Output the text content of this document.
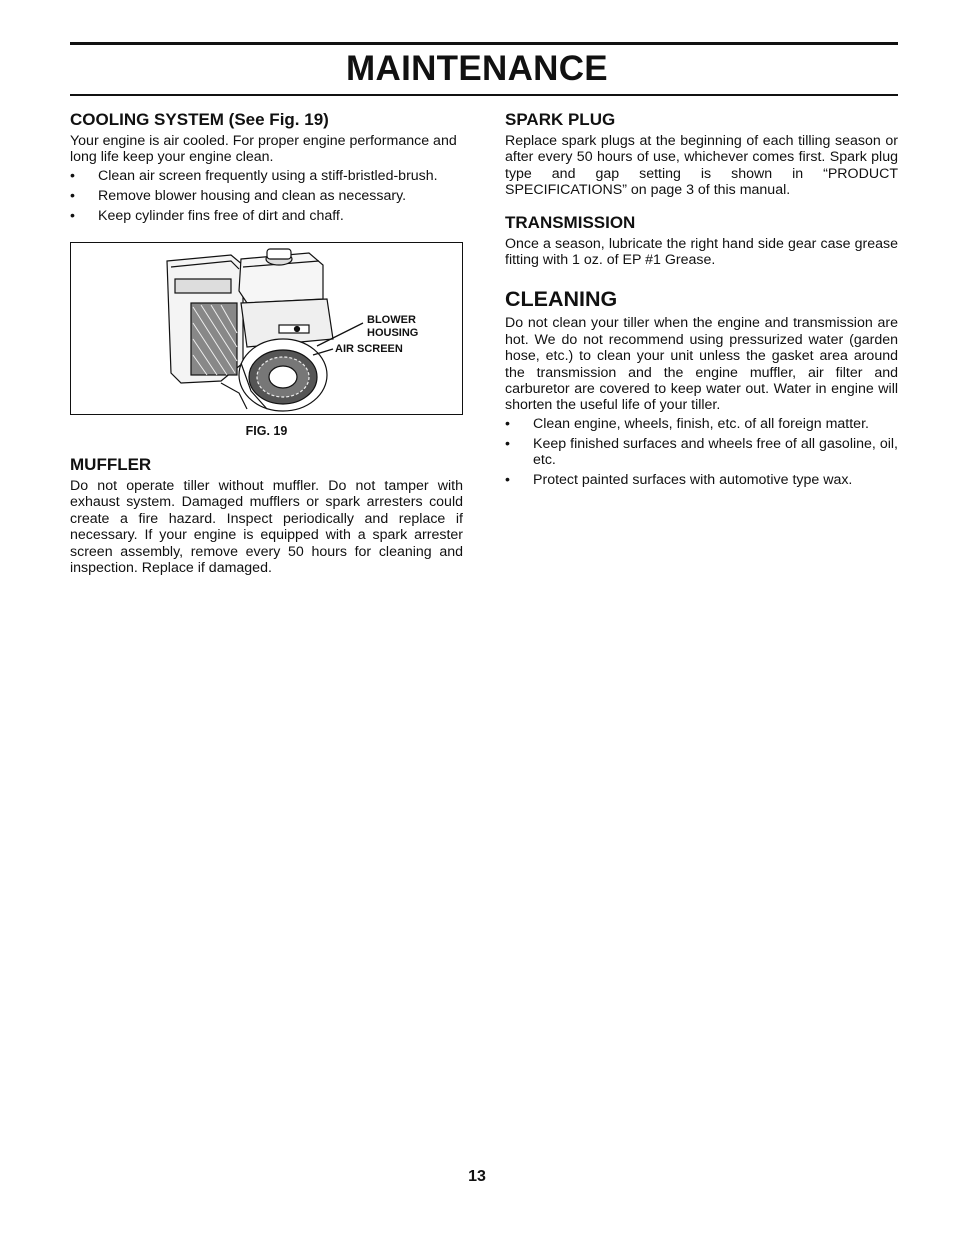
MAINTENANCE
COOLING SYSTEM (See Fig. 19)

Your engine is air cooled. For proper engine performance and long life keep your engine clean.

• Clean air screen frequently using a stiff-bristled-brush.
• Remove blower housing and clean as necessary.
• Keep cylinder fins free of dirt and chaff.
BLOWER
HOUSING
AIR SCREEN
FIG. 19
MUFFLER

Do not operate tiller without muffler. Do not tamper with exhaust system. Damaged mufflers or spark arresters could create a fire hazard. Inspect periodically and replace if necessary. If your engine is equipped with a spark arrester screen assembly, remove every 50 hours for cleaning and inspection. Replace if damaged.

SPARK PLUG

Replace spark plugs at the beginning of each tilling season or after every 50 hours of use, whichever comes first. Spark plug type and gap setting is shown in “PRODUCT SPECIFICATIONS” on page 3 of this manual.

TRANSMISSION

Once a season, lubricate the right hand side gear case grease fitting with 1 oz. of EP #1 Grease.

CLEANING

Do not clean your tiller when the engine and transmission are hot. We do not recommend using pressurized water (garden hose, etc.) to clean your unit unless the gasket area around the transmission and the engine muffler, air filter and carburetor are covered to keep water out. Water in engine will shorten the useful life of your tiller.

• Clean engine, wheels, finish, etc. of all foreign matter.
• Keep finished surfaces and wheels free of all gasoline, oil, etc.
• Protect painted surfaces with automotive type wax.
13
